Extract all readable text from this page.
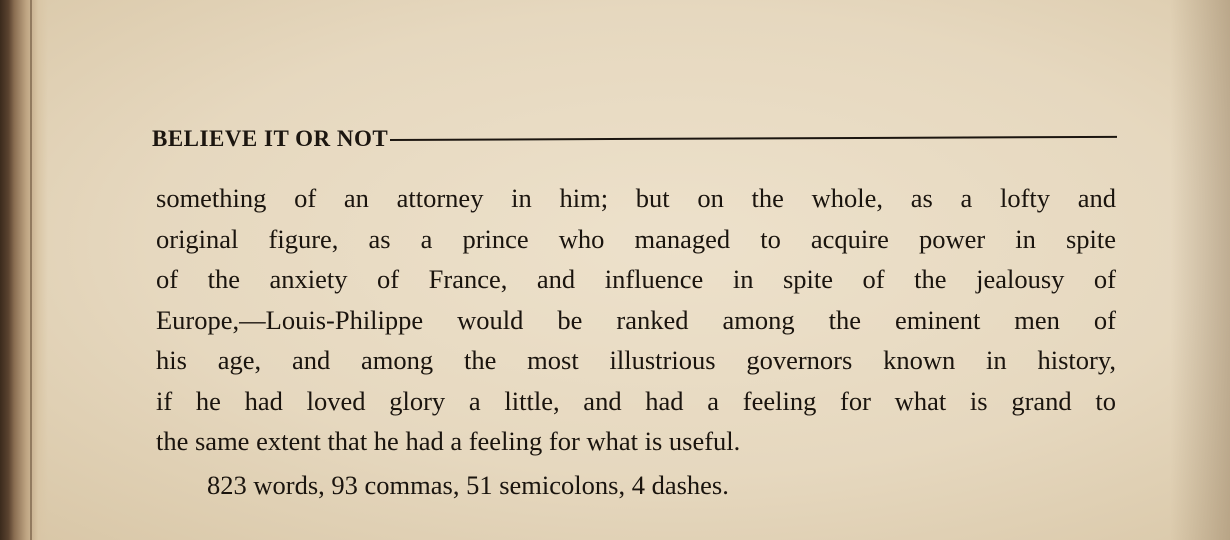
BELIEVE IT OR NOT
something of an attorney in him; but on the whole, as a lofty and
original figure, as a prince who managed to acquire power in spite
of the anxiety of France, and influence in spite of the jealousy of
Europe,—Louis-Philippe would be ranked among the eminent men of
his age, and among the most illustrious governors known in history,
if he had loved glory a little, and had a feeling for what is grand to
the same extent that he had a feeling for what is useful.
823 words, 93 commas, 51 semicolons, 4 dashes.
